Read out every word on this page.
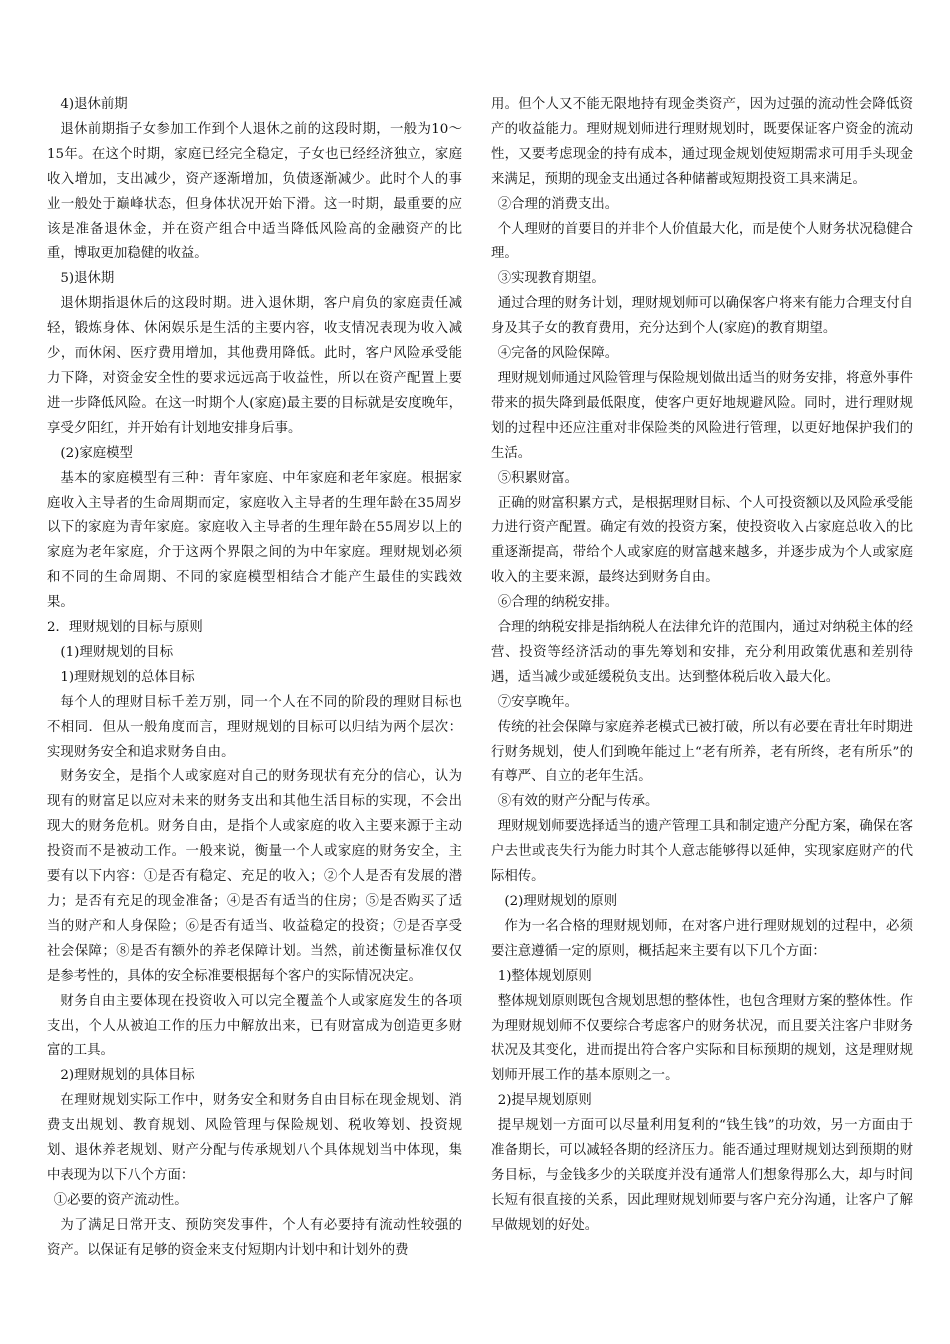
4)退休前期

退休前期指子女参加工作到个人退休之前的这段时期，一般为10～15年。在这个时期，家庭已经完全稳定，子女也已经经济独立，家庭收入增加，支出减少，资产逐渐增加，负债逐渐减少。此时个人的事业一般处于巅峰状态，但身体状况开始下滑。这一时期，最重要的应该是准备退休金，并在资产组合中适当降低风险高的金融资产的比重，博取更加稳健的收益。

5)退休期

退休期指退休后的这段时期。进入退休期，客户肩负的家庭责任减轻，锻炼身体、休闲娱乐是生活的主要内容，收支情况表现为收入减少，而休闲、医疗费用增加，其他费用降低。此时，客户风险承受能力下降，对资金安全性的要求远远高于收益性，所以在资产配置上要进一步降低风险。在这一时期个人(家庭)最主要的目标就是安度晚年，享受夕阳红，并开始有计划地安排身后事。

(2)家庭模型

基本的家庭模型有三种：青年家庭、中年家庭和老年家庭。根据家庭收入主导者的生命周期而定，家庭收入主导者的生理年龄在35周岁以下的家庭为青年家庭。家庭收入主导者的生理年龄在55周岁以上的家庭为老年家庭，介于这两个界限之间的为中年家庭。理财规划必须和不同的生命周期、不同的家庭模型相结合才能产生最佳的实践效果。

2．理财规划的目标与原则

(1)理财规划的目标

1)理财规划的总体目标

每个人的理财目标千差万别，同一个人在不同的阶段的理财目标也不相同．但从一般角度而言，理财规划的目标可以归结为两个层次：实现财务安全和追求财务自由。

财务安全，是指个人或家庭对自己的财务现状有充分的信心，认为现有的财富足以应对未来的财务支出和其他生活目标的实现，不会出现大的财务危机。财务自由，是指个人或家庭的收入主要来源于主动投资而不是被动工作。一般来说，衡量一个人或家庭的财务安全，主要有以下内容：①是否有稳定、充足的收入；②个人是否有发展的潜力；是否有充足的现金准备；④是否有适当的住房；⑤是否购买了适当的财产和人身保险；⑥是否有适当、收益稳定的投资；⑦是否享受社会保障；⑧是否有额外的养老保障计划。当然，前述衡量标准仅仅是参考性的，具体的安全标准要根据每个客户的实际情况决定。

财务自由主要体现在投资收入可以完全覆盖个人或家庭发生的各项支出，个人从被迫工作的压力中解放出来，已有财富成为创造更多财富的工具。

2)理财规划的具体目标

在理财规划实际工作中，财务安全和财务自由目标在现金规划、消费支出规划、教育规划、风险管理与保险规划、税收筹划、投资规划、退休养老规划、财产分配与传承规划八个具体规划当中体现，集中表现为以下八个方面：

①必要的资产流动性。

为了满足日常开支、预防突发事件，个人有必要持有流动性较强的资产。以保证有足够的资金来支付短期内计划中和计划外的费

用。但个人又不能无限地持有现金类资产，因为过强的流动性会降低资产的收益能力。理财规划师进行理财规划时，既要保证客户资金的流动性，又要考虑现金的持有成本，通过现金规划使短期需求可用手头现金来满足，预期的现金支出通过各种储蓄或短期投资工具来满足。

②合理的消费支出。

个人理财的首要目的并非个人价值最大化，而是使个人财务状况稳健合理。

③实现教育期望。

通过合理的财务计划，理财规划师可以确保客户将来有能力合理支付自身及其子女的教育费用，充分达到个人(家庭)的教育期望。

④完备的风险保障。

理财规划师通过风险管理与保险规划做出适当的财务安排，将意外事件带来的损失降到最低限度，使客户更好地规避风险。同时，进行理财规划的过程中还应注重对非保险类的风险进行管理，以更好地保护我们的生活。

⑤积累财富。

正确的财富积累方式，是根据理财目标、个人可投资额以及风险承受能力进行资产配置。确定有效的投资方案，使投资收入占家庭总收入的比重逐渐提高，带给个人或家庭的财富越来越多，并逐步成为个人或家庭收入的主要来源，最终达到财务自由。

⑥合理的纳税安排。

合理的纳税安排是指纳税人在法律允许的范围内，通过对纳税主体的经营、投资等经济活动的事先筹划和安排，充分利用政策优惠和差别待遇，适当减少或延缓税负支出。达到整体税后收入最大化。

⑦安享晚年。

传统的社会保障与家庭养老模式已被打破，所以有必要在青壮年时期进行财务规划，使人们到晚年能过上“老有所养，老有所终，老有所乐”的有尊严、自立的老年生活。

⑧有效的财产分配与传承。

理财规划师要选择适当的遗产管理工具和制定遗产分配方案，确保在客户去世或丧失行为能力时其个人意志能够得以延伸，实现家庭财产的代际相传。

(2)理财规划的原则

作为一名合格的理财规划师，在对客户进行理财规划的过程中，必须要注意遵循一定的原则，概括起来主要有以下几个方面：

1)整体规划原则

整体规划原则既包含规划思想的整体性，也包含理财方案的整体性。作为理财规划师不仅要综合考虑客户的财务状况，而且要关注客户非财务状况及其变化，进而提出符合客户实际和目标预期的规划，这是理财规划师开展工作的基本原则之一。

2)提早规划原则

提早规划一方面可以尽量利用复利的“钱生钱”的功效，另一方面由于准备期长，可以减轻各期的经济压力。能否通过理财规划达到预期的财务目标，与金钱多少的关联度并没有通常人们想象得那么大，却与时间长短有很直接的关系，因此理财规划师要与客户充分沟通，让客户了解早做规划的好处。
